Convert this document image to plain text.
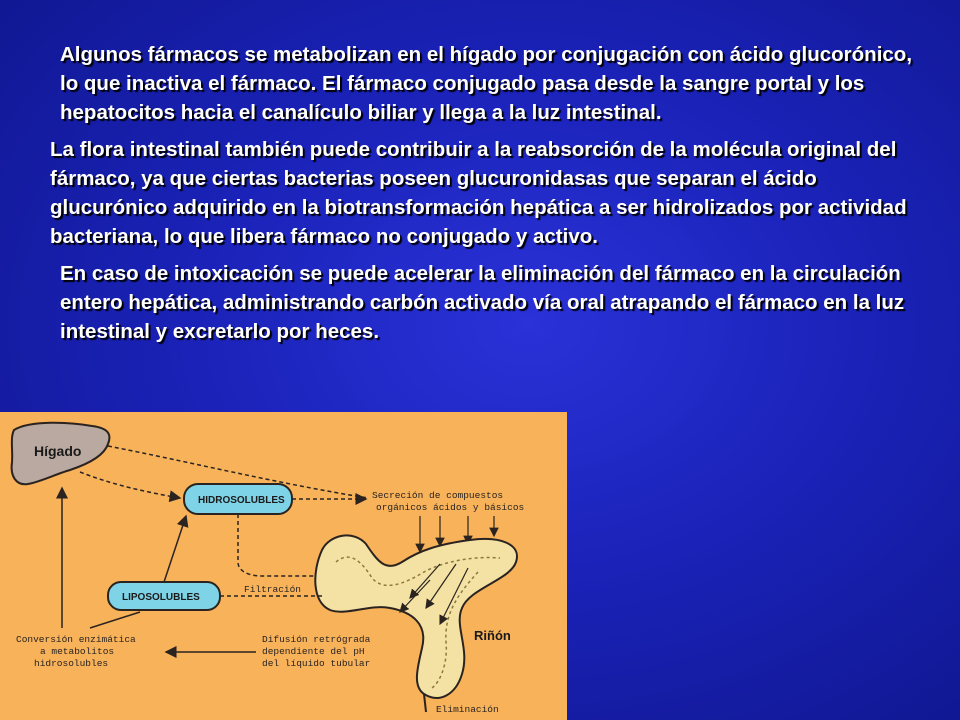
Algunos fármacos se metabolizan en el hígado por conjugación con ácido glucorónico, lo que inactiva el fármaco. El fármaco conjugado pasa desde la sangre portal y los hepatocitos hacia el canalículo biliar y llega a la luz intestinal.

La flora intestinal también puede contribuir a la reabsorción de la molécula original del fármaco, ya que ciertas bacterias poseen glucuronidasas que separan el ácido glucurónico adquirido en la biotransformación hepática a ser hidrolizados por actividad bacteriana, lo que libera fármaco no conjugado y activo.

En caso de intoxicación se puede acelerar la eliminación del fármaco en la circulación entero hepática, administrando carbón activado vía oral atrapando el fármaco en la luz intestinal y excretarlo por heces.

Hígado
HIDROSOLUBLES	Secreción de compuestos
orgánicos ácidos y básicos
LIPOSOLUBLES
Filtración
Conversión enzimática
a metabolitos
hidrosolubles
Difusión retrógrada
dependiente del pH
del líquido tubular
Riñón
Eliminación
